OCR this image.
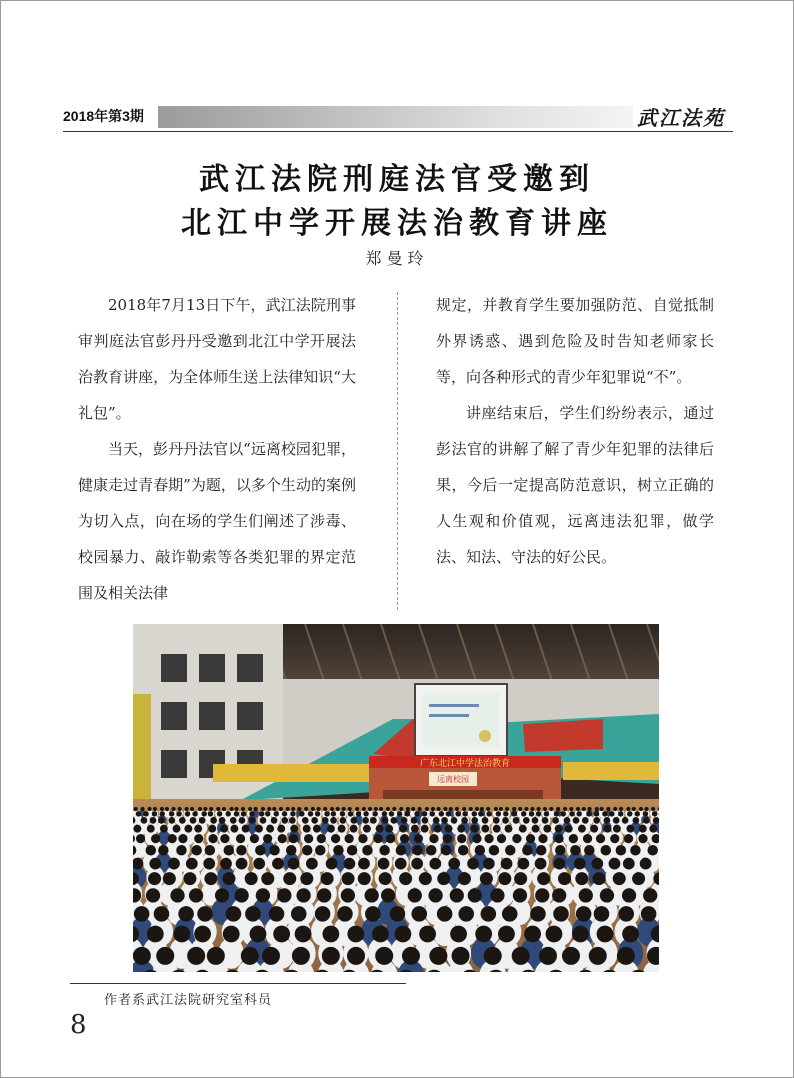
2018年第3期	武江法苑
武江法院刑庭法官受邀到
北江中学开展法治教育讲座
郑曼玲

2018年7月13日下午，武江法院刑事审判庭法官彭丹丹受邀到北江中学开展法治教育讲座，为全体师生送上法律知识“大礼包”。

当天，彭丹丹法官以“远离校园犯罪，健康走过青春期”为题，以多个生动的案例为切入点，向在场的学生们阐述了涉毒、校园暴力、敲诈勒索等各类犯罪的界定范围及相关法律

规定，并教育学生要加强防范、自觉抵制外界诱惑、遇到危险及时告知老师家长等，向各种形式的青少年犯罪说“不”。

讲座结束后，学生们纷纷表示，通过彭法官的讲解了解了青少年犯罪的法律后果，今后一定提高防范意识，树立正确的人生观和价值观，远离违法犯罪，做学法、知法、守法的好公民。

广东北江中学法治教育
远离校园
作者系武江法院研究室科员
8
